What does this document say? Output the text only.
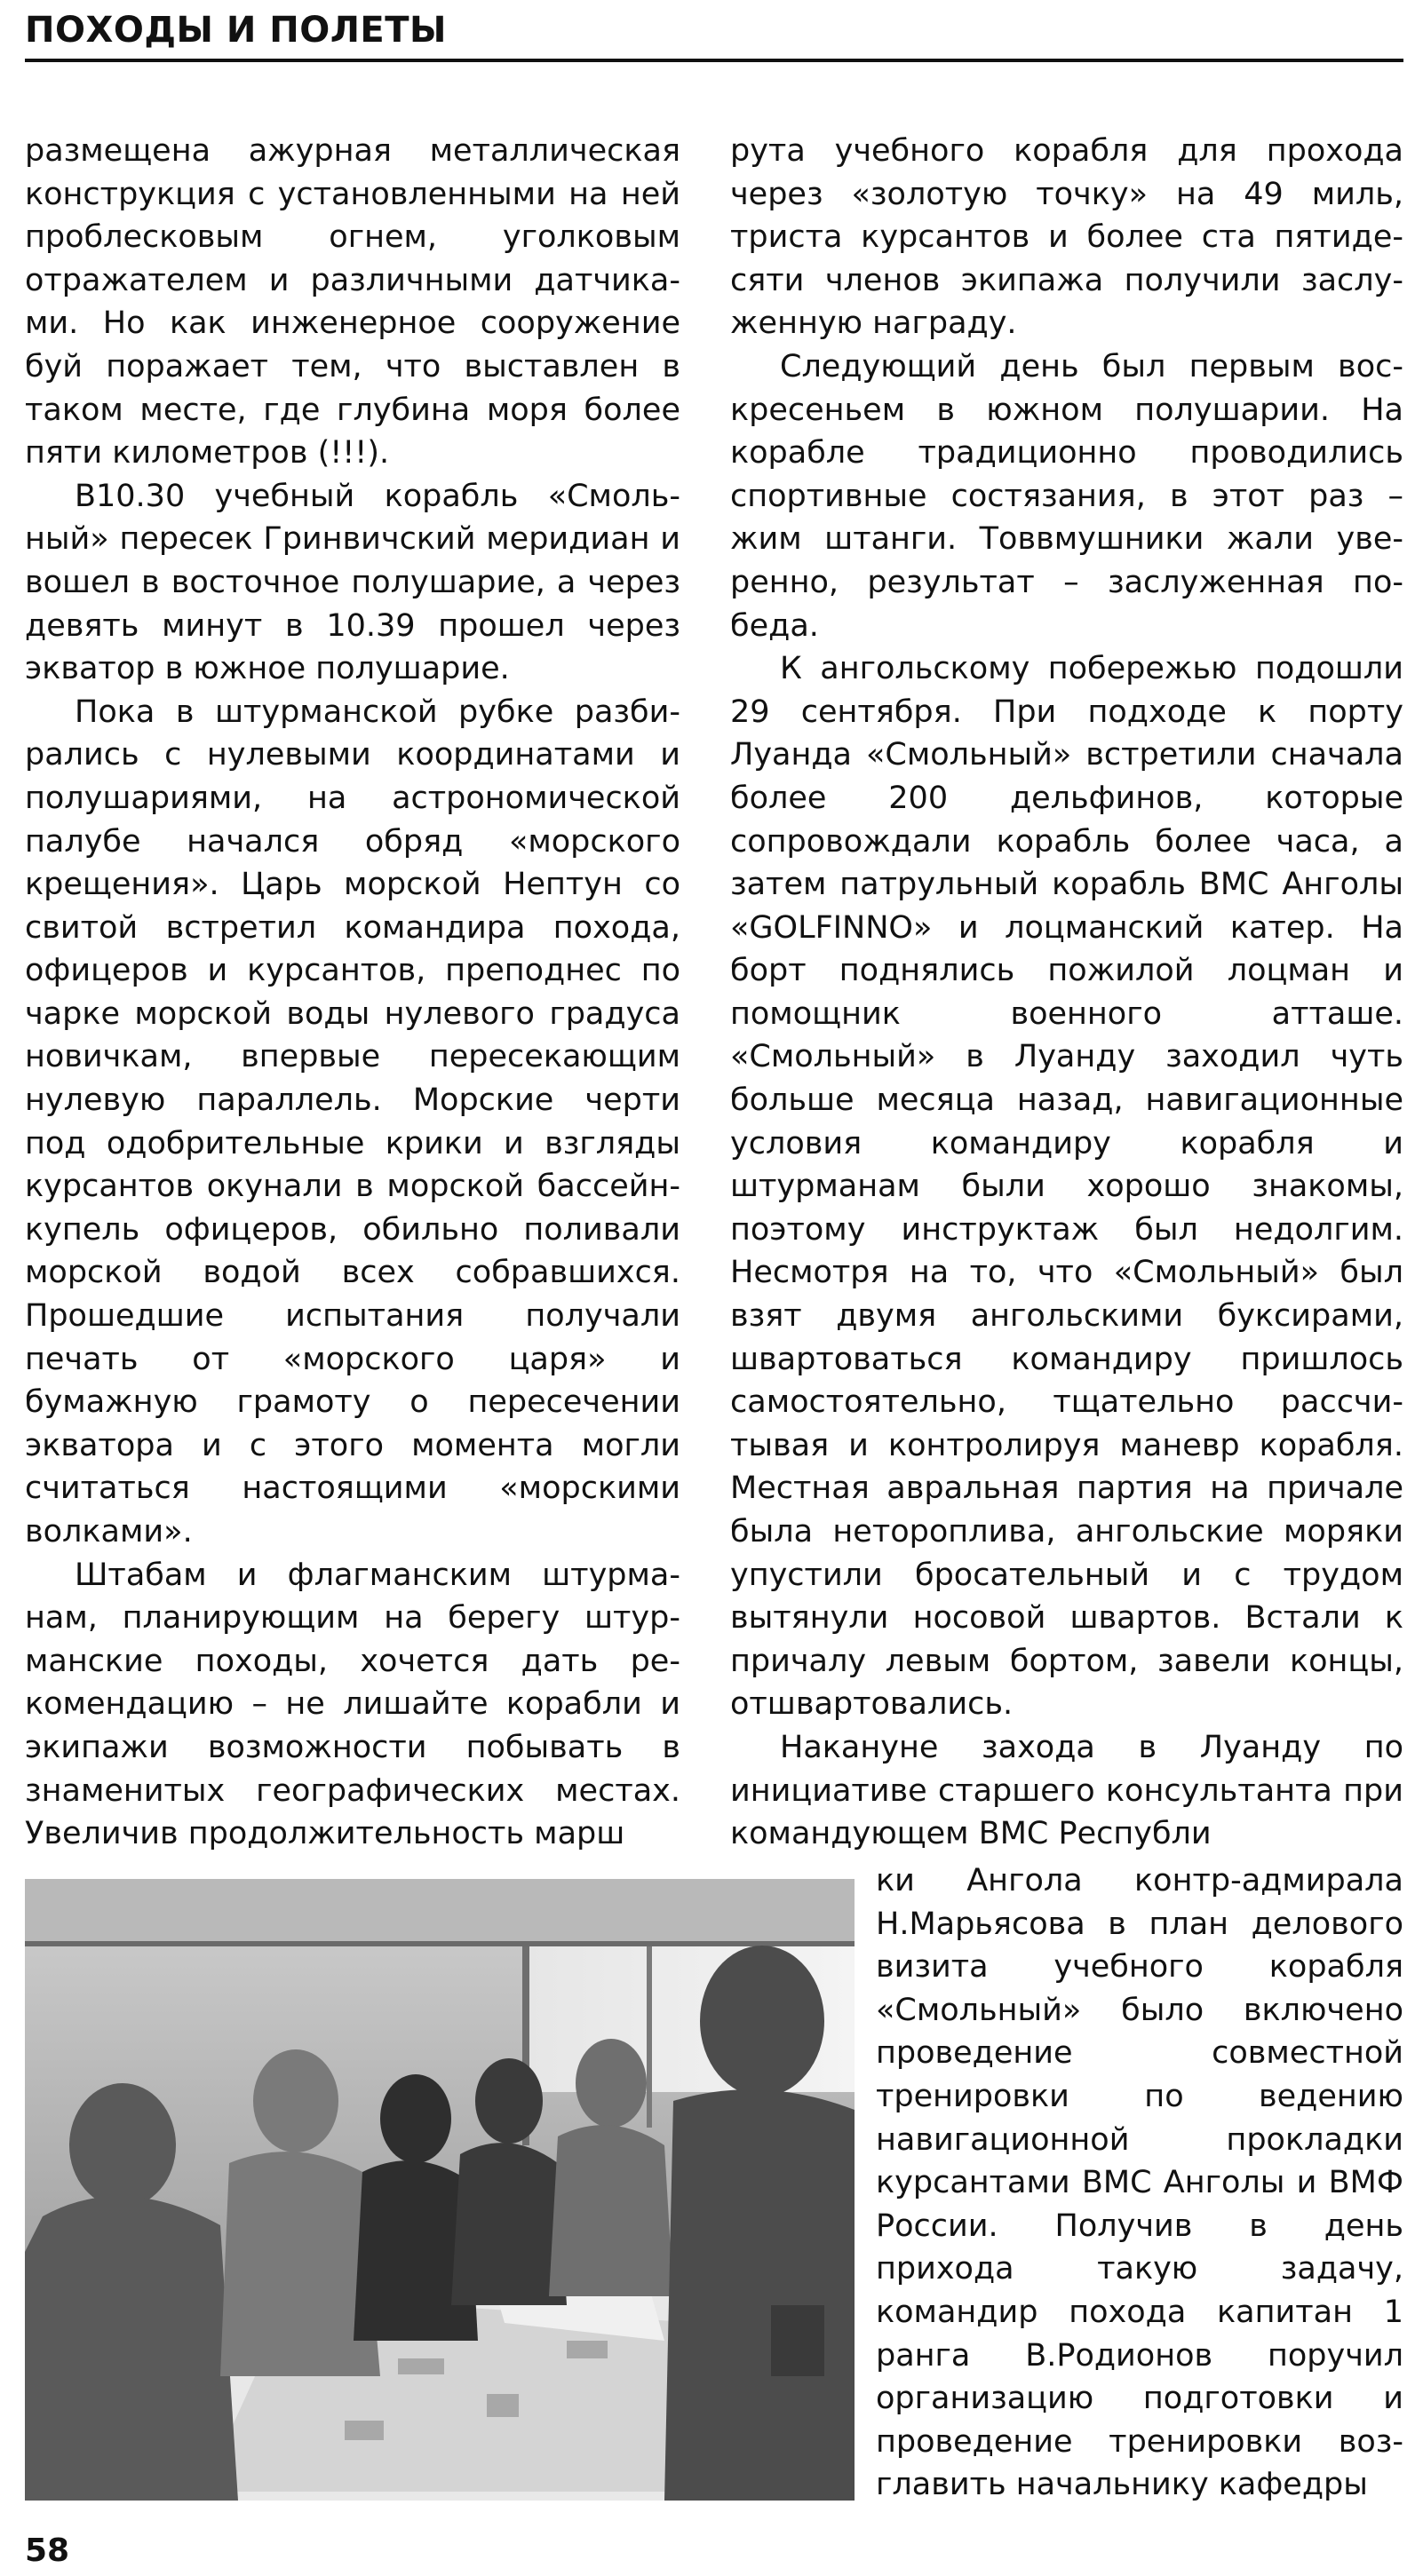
ПОХОДЫ И ПОЛЕТЫ

размещена ажурная металлическая конструкция с установленными на ней проблесковым огнем, уголковым отражателем и различными датчиками. Но как инженерное сооружение буй поражает тем, что выставлен в таком месте, где глубина моря более пяти километров (!!!).

В10.30 учебный корабль «Смольный» пересек Гринвичский меридиан и вошел в восточное полушарие, а через девять минут в 10.39 прошел через экватор в южное полушарие.

Пока в штурманской рубке разбирались с нулевыми координатами и полушариями, на астрономической палубе начался обряд «морского крещения». Царь морской Нептун со свитой встретил командира похода, офицеров и курсантов, преподнес по чарке морской воды нулевого градуса новичкам, впервые пересекающим нулевую параллель. Морские черти под одобрительные крики и взгляды курсантов окунали в морской бассейн-купель офицеров, обильно поливали морской водой всех собравшихся. Прошедшие испытания получали печать от «морского царя» и бумажную грамоту о пересечении экватора и с этого момента могли считаться настоящими «морскими волками».

Штабам и флагманским штурманам, планирующим на берегу штурманские походы, хочется дать рекомендацию – не лишайте корабли и экипажи возможности побывать в знаменитых географических местах. Увеличив продолжительность марш

рута учебного корабля для прохода через «золотую точку» на 49 миль, триста курсантов и более ста пятидесяти членов экипажа получили заслуженную награду.

Следующий день был первым воскресеньем в южном полушарии. На корабле традиционно проводились спортивные состязания, в этот раз – жим штанги. Товвмушники жали уверенно, результат – заслуженная победа.

К ангольскому побережью подошли 29 сентября. При подходе к порту Луанда «Смольный» встретили сначала более 200 дельфинов, которые сопровождали корабль более часа, а затем патрульный корабль ВМС Анголы «GOLFINNO» и лоцманский катер. На борт поднялись пожилой лоцман и помощник военного атташе. «Смольный» в Луанду заходил чуть больше месяца назад, навигационные условия командиру корабля и штурманам были хорошо знакомы, поэтому инструктаж был недолгим. Несмотря на то, что «Смольный» был взят двумя ангольскими буксирами, швартоваться командиру пришлось самостоятельно, тщательно рассчитывая и контролируя маневр корабля. Местная авральная партия на причале была нетороплива, ангольские моряки упустили бросательный и с трудом вытянули носовой швартов. Встали к причалу левым бортом, завели концы, отшвартовались.

Накануне захода в Луанду по инициативе старшего консультанта при командующем ВМС Республи

ки Ангола контр-адмирала Н.Марьясова в план делового визита учебного корабля «Смольный» было включено проведение совместной тренировки по ведению навигационной прокладки курсантами ВМС Анголы и ВМФ России. Получив в день прихода такую задачу, командир похода капитан 1 ранга В.Родионов поручил организацию подготовки и проведение тренировки возглавить начальнику кафедры

58
